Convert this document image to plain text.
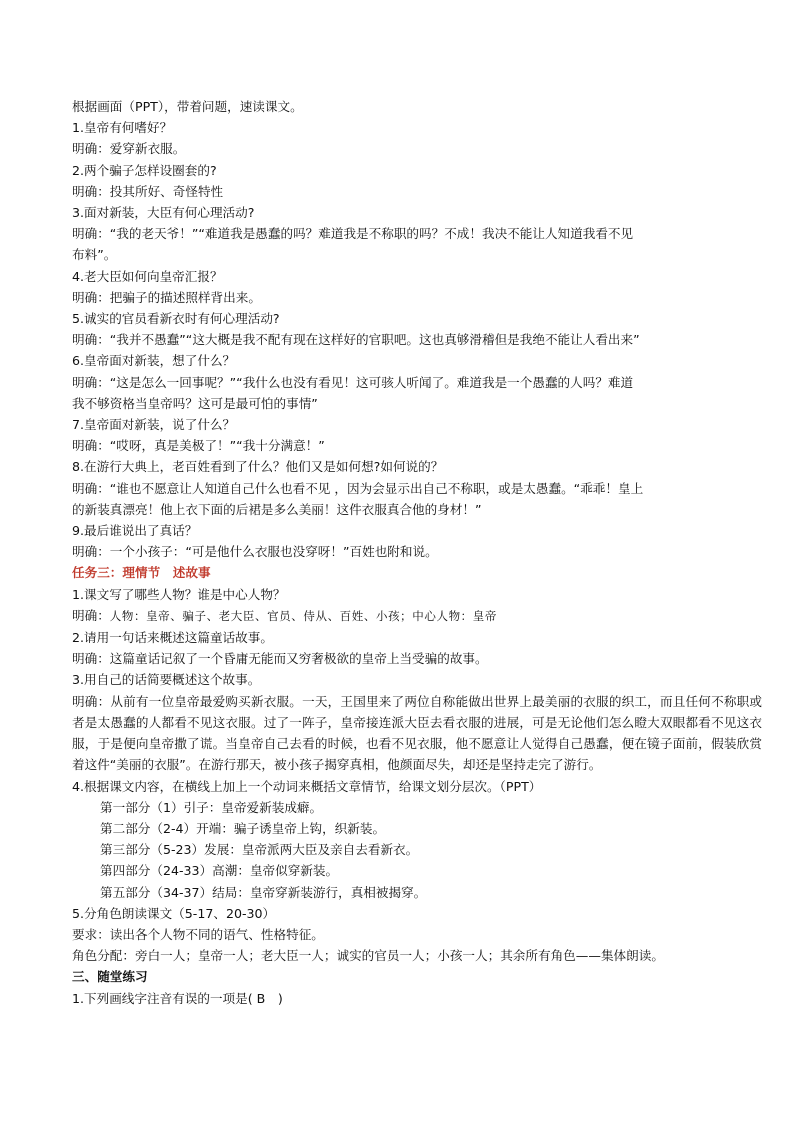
根据画面（PPT），带着问题，速读课文。

1.皇帝有何嗜好？

明确：爱穿新衣服。

2.两个骗子怎样设圈套的?

明确：投其所好、奇怪特性

3.面对新装，大臣有何心理活动?

明确：“我的老天爷！”“难道我是愚蠢的吗？难道我是不称职的吗？不成！我决不能让人知道我看不见

布料”。

4.老大臣如何向皇帝汇报？

明确：把骗子的描述照样背出来。

5.诚实的官员看新衣时有何心理活动?

明确：“我并不愚蠢”“这大概是我不配有现在这样好的官职吧。这也真够滑稽但是我绝不能让人看出来”

6.皇帝面对新装，想了什么？

明确：“这是怎么一回事呢？”“我什么也没有看见！这可骇人听闻了。难道我是一个愚蠢的人吗？难道

我不够资格当皇帝吗？这可是最可怕的事情”

7.皇帝面对新装，说了什么？

明确：“哎呀，真是美极了！”“我十分满意！”

8.在游行大典上，老百姓看到了什么？他们又是如何想?如何说的？

明确：“谁也不愿意让人知道自己什么也看不见 ，因为会显示出自己不称职，或是太愚蠢。“乖乖！皇上

的新装真漂亮！他上衣下面的后裙是多么美丽！这件衣服真合他的身材！”

9.最后谁说出了真话？

明确：一个小孩子：“可是他什么衣服也没穿呀！”百姓也附和说。

任务三：理情节　述故事

1.课文写了哪些人物？谁是中心人物？

明确：人物：皇帝、骗子、老大臣、官员、侍从、百姓、小孩；中心人物：皇帝

2.请用一句话来概述这篇童话故事。

明确：这篇童话记叙了一个昏庸无能而又穷奢极欲的皇帝上当受骗的故事。

3.用自己的话简要概述这个故事。

明确：从前有一位皇帝最爱购买新衣服。一天，王国里来了两位自称能做出世界上最美丽的衣服的织工，而且任何不称职或者是太愚蠢的人都看不见这衣服。过了一阵子，皇帝接连派大臣去看衣服的进展，可是无论他们怎么瞪大双眼都看不见这衣服，于是便向皇帝撒了谎。当皇帝自己去看的时候，也看不见衣服，他不愿意让人觉得自己愚蠢，便在镜子面前，假装欣赏着这件“美丽的衣服”。在游行那天，被小孩子揭穿真相，他颜面尽失，却还是坚持走完了游行。

4.根据课文内容，在横线上加上一个动词来概括文章情节，给课文划分层次。（PPT）

第一部分（1）引子：皇帝爱新装成癖。

第二部分（2-4）开端：骗子诱皇帝上钩，织新装。

第三部分（5-23）发展：皇帝派两大臣及亲自去看新衣。

第四部分（24-33）高潮：皇帝似穿新装。

第五部分（34-37）结局：皇帝穿新装游行，真相被揭穿。

5.分角色朗读课文（5-17、20-30）

要求：读出各个人物不同的语气、性格特征。

角色分配：旁白一人；皇帝一人；老大臣一人；诚实的官员一人；小孩一人；其余所有角色——集体朗读。

三、随堂练习

1.下列画线字注音有误的一项是( B　)
